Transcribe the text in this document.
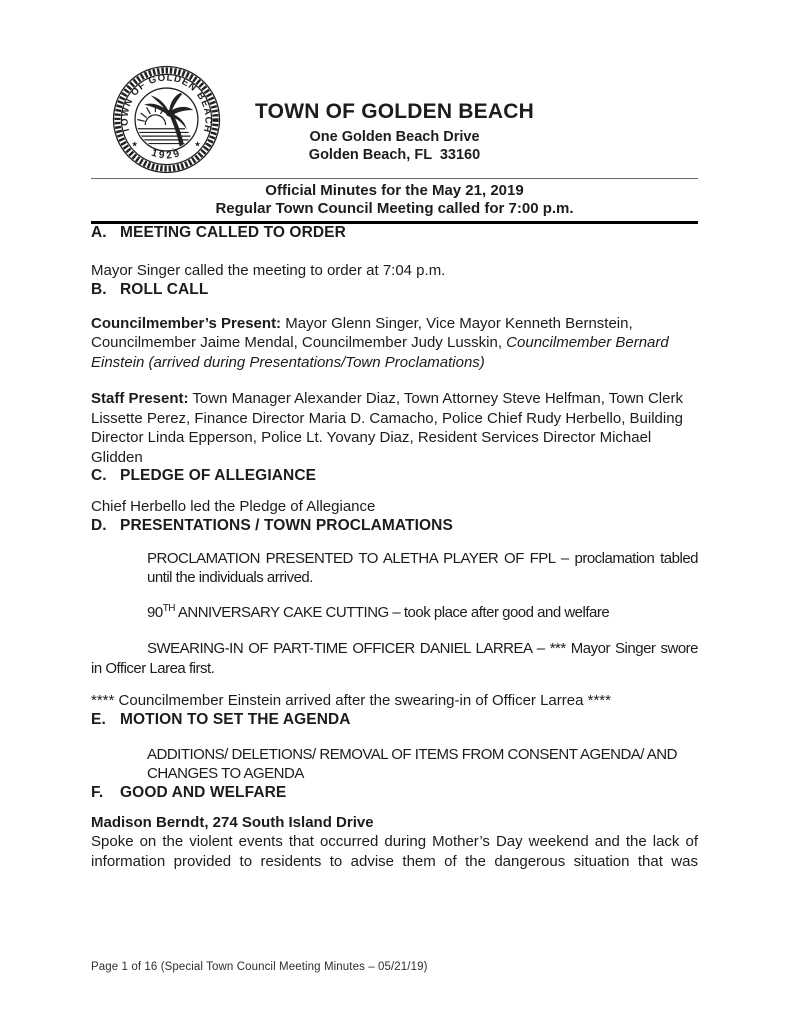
TOWN OF GOLDEN BEACH
1929
★	★
TOWN OF GOLDEN BEACH
One Golden Beach Drive
Golden Beach, FL  33160
Official Minutes for the May 21, 2019
Regular Town Council Meeting called for 7:00 p.m.
A. MEETING CALLED TO ORDER

Mayor Singer called the meeting to order at 7:04 p.m.

B. ROLL CALL

Councilmember’s Present: Mayor Glenn Singer, Vice Mayor Kenneth Bernstein, Councilmember Jaime Mendal, Councilmember Judy Lusskin, Councilmember Bernard Einstein (arrived during Presentations/Town Proclamations)

Staff Present: Town Manager Alexander Diaz, Town Attorney Steve Helfman, Town Clerk Lissette Perez, Finance Director Maria D. Camacho, Police Chief Rudy Herbello, Building Director Linda Epperson, Police Lt. Yovany Diaz, Resident Services Director Michael Glidden

C. PLEDGE OF ALLEGIANCE

Chief Herbello led the Pledge of Allegiance

D. PRESENTATIONS / TOWN PROCLAMATIONS

PROCLAMATION PRESENTED TO ALETHA PLAYER OF FPL – proclamation tabled until the individuals arrived.

90TH ANNIVERSARY CAKE CUTTING – took place after good and welfare

SWEARING-IN OF PART-TIME OFFICER DANIEL LARREA – *** Mayor Singer swore in Officer Larea first.

**** Councilmember Einstein arrived after the swearing-in of Officer Larrea ****

E. MOTION TO SET THE AGENDA

ADDITIONS/ DELETIONS/ REMOVAL OF ITEMS FROM CONSENT AGENDA/ AND CHANGES TO AGENDA

F. GOOD AND WELFARE

Madison Berndt, 274 South Island Drive

Spoke on the violent events that occurred during Mother’s Day weekend and the lack of information provided to residents to advise them of the dangerous situation that was

Page 1 of 16 (Special Town Council Meeting Minutes – 05/21/19)
